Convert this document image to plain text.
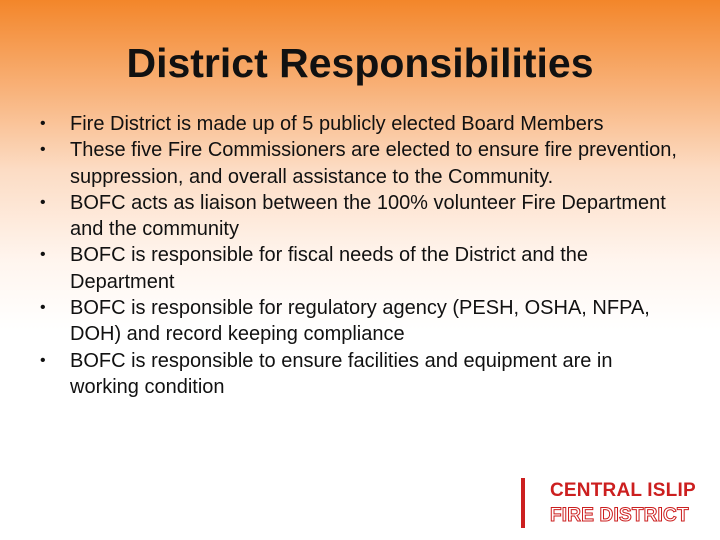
District Responsibilities
•	Fire District is made up of 5 publicly elected Board Members
•	These five Fire Commissioners are elected to ensure fire prevention, suppression, and overall assistance to the Community.
•	BOFC acts as liaison between the 100% volunteer Fire Department and the community
•	BOFC is responsible for fiscal needs of the District and the Department
•	BOFC is responsible for regulatory agency (PESH, OSHA, NFPA, DOH) and record keeping compliance
•	BOFC is responsible to ensure facilities and equipment are in working condition
CENTRAL ISLIP
FIRE DISTRICT
